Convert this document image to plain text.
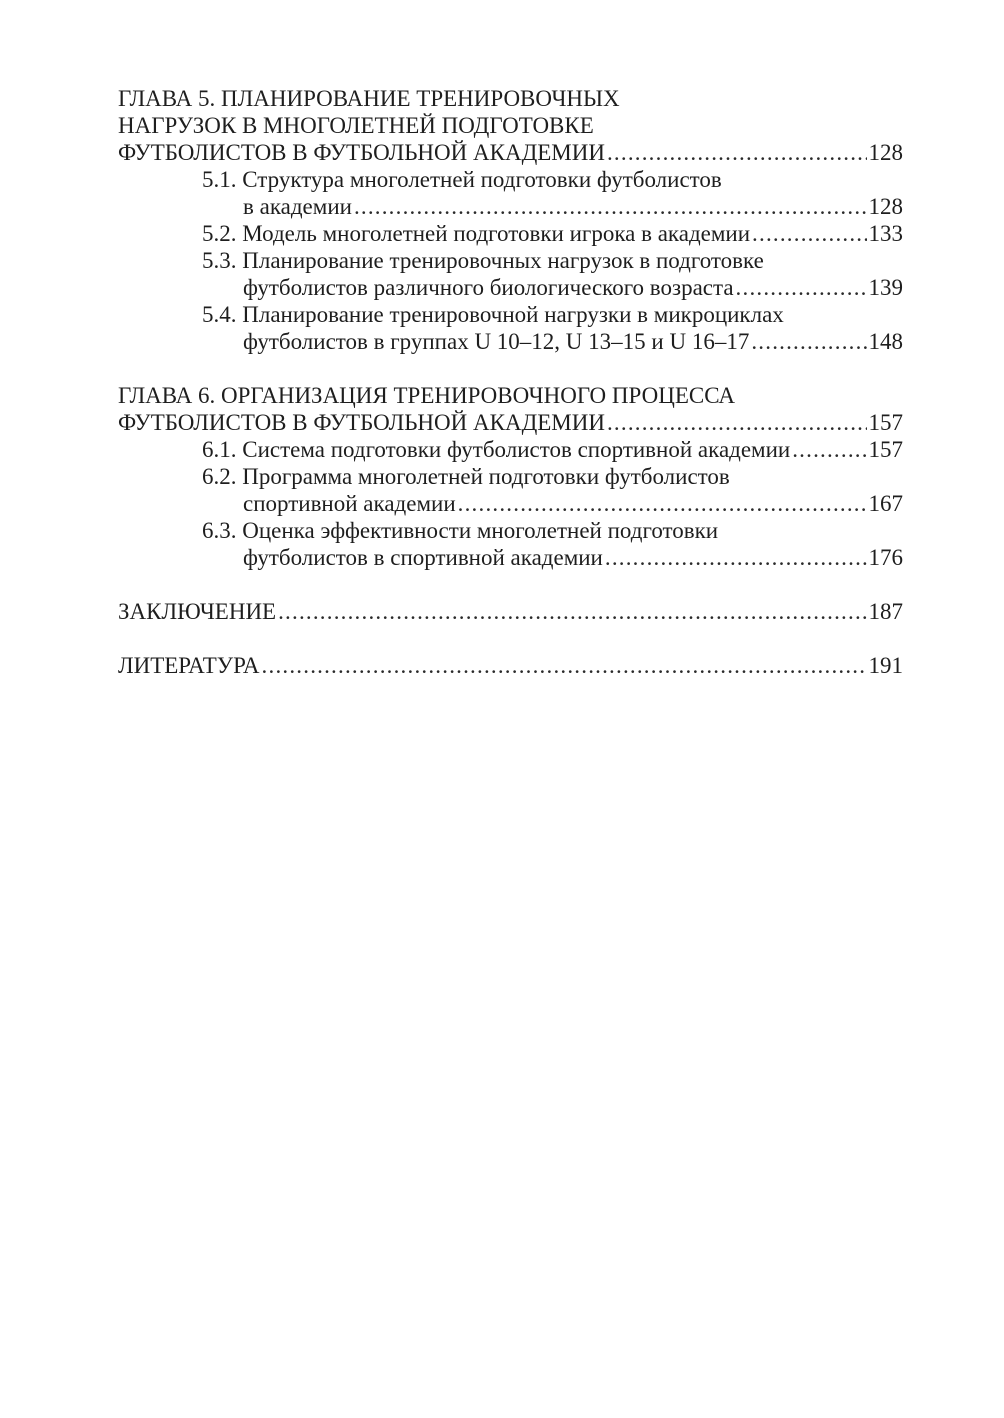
ГЛАВА 5. ПЛАНИРОВАНИЕ ТРЕНИРОВОЧНЫХ
НАГРУЗОК В МНОГОЛЕТНЕЙ ПОДГОТОВКЕ
ФУТБОЛИСТОВ В ФУТБОЛЬНОЙ АКАДЕМИИ .....	128
5.1. Структура многолетней подготовки футболистов
в академии .....	128
5.2. Модель многолетней подготовки игрока в академии .....	133
5.3. Планирование тренировочных нагрузок в подготовке
футболистов различного биологического возраста .....	139
5.4. Планирование тренировочной нагрузки в микроциклах
футболистов в группах U 10–12, U 13–15 и U 16–17 .....	148
ГЛАВА 6. ОРГАНИЗАЦИЯ ТРЕНИРОВОЧНОГО ПРОЦЕССА
ФУТБОЛИСТОВ В ФУТБОЛЬНОЙ АКАДЕМИИ .....	157
6.1. Система подготовки футболистов спортивной академии .....	157
6.2. Программа многолетней подготовки футболистов
спортивной академии .....	167
6.3. Оценка эффективности многолетней подготовки
футболистов в спортивной академии .....	176
ЗАКЛЮЧЕНИЕ .....	187
ЛИТЕРАТУРА .....	191
